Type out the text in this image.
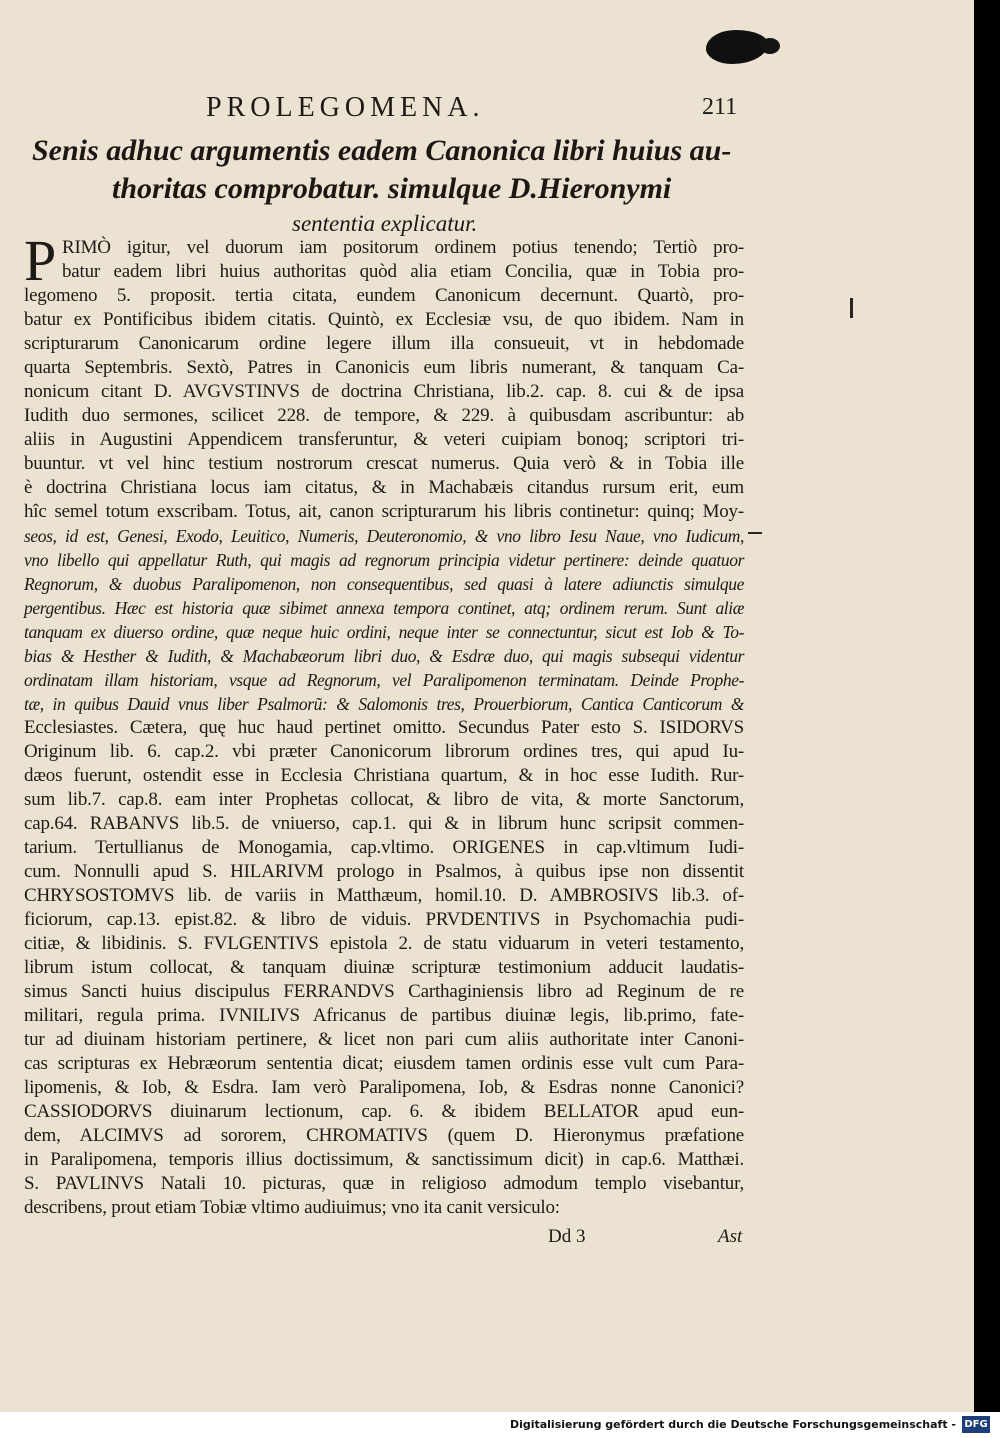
PROLEGOMENA.	211
Senis adhuc argumentis eadem Canonica libri huius au-
thoritas comprobatur. simulque D.Hieronymi
sententia explicatur.
P RIMÒ igitur, vel duorum iam positorum ordinem potius tenendo; Tertiò pro-
batur eadem libri huius authoritas quòd alia etiam Concilia, quæ in Tobia pro-
legomeno 5. proposit. tertia citata, eundem Canonicum decernunt. Quartò, pro-
batur ex Pontificibus ibidem citatis. Quintò, ex Ecclesiæ vsu, de quo ibidem. Nam in
scripturarum Canonicarum ordine legere illum illa consueuit, vt in hebdomade
quarta Septembris. Sextò, Patres in Canonicis eum libris numerant, & tanquam Ca-
nonicum citant D. AVGVSTINVS de doctrina Christiana, lib.2. cap. 8. cui & de ipsa
Iudith duo sermones, scilicet 228. de tempore, & 229. à quibusdam ascribuntur: ab
aliis in Augustini Appendicem transferuntur, & veteri cuipiam bonoq; scriptori tri-
buuntur. vt vel hinc testium nostrorum crescat numerus. Quia verò & in Tobia ille
è doctrina Christiana locus iam citatus, & in Machabæis citandus rursum erit, eum
hîc semel totum exscribam. Totus, ait, canon scripturarum his libris continetur: quinq; Moy-
seos, id est, Genesi, Exodo, Leuitico, Numeris, Deuteronomio, & vno libro Iesu Naue, vno Iudicum,
vno libello qui appellatur Ruth, qui magis ad regnorum principia videtur pertinere: deinde quatuor
Regnorum, & duobus Paralipomenon, non consequentibus, sed quasi à latere adiunctis simulque
pergentibus. Hæc est historia quæ sibimet annexa tempora continet, atq; ordinem rerum. Sunt aliæ
tanquam ex diuerso ordine, quæ neque huic ordini, neque inter se connectuntur, sicut est Iob & To-
bias & Hesther & Iudith, & Machabæorum libri duo, & Esdræ duo, qui magis subsequi videntur
ordinatam illam historiam, vsque ad Regnorum, vel Paralipomenon terminatam. Deinde Prophe-
tæ, in quibus Dauid vnus liber Psalmorũ: & Salomonis tres, Prouerbiorum, Cantica Canticorum &
Ecclesiastes. Cætera, quę huc haud pertinet omitto. Secundus Pater esto S. ISIDORVS
Originum lib. 6. cap.2. vbi præter Canonicorum librorum ordines tres, qui apud Iu-
dæos fuerunt, ostendit esse in Ecclesia Christiana quartum, & in hoc esse Iudith. Rur-
sum lib.7. cap.8. eam inter Prophetas collocat, & libro de vita, & morte Sanctorum,
cap.64. RABANVS lib.5. de vniuerso, cap.1. qui & in librum hunc scripsit commen-
tarium. Tertullianus de Monogamia, cap.vltimo. ORIGENES in cap.vltimum Iudi-
cum. Nonnulli apud S. HILARIVM prologo in Psalmos, à quibus ipse non dissentit
CHRYSOSTOMVS lib. de variis in Matthæum, homil.10. D. AMBROSIVS lib.3. of-
ficiorum, cap.13. epist.82. & libro de viduis. PRVDENTIVS in Psychomachia pudi-
citiæ, & libidinis. S. FVLGENTIVS epistola 2. de statu viduarum in veteri testamento,
librum istum collocat, & tanquam diuinæ scripturæ testimonium adducit laudatis-
simus Sancti huius discipulus FERRANDVS Carthaginiensis libro ad Reginum de re
militari, regula prima. IVNILIVS Africanus de partibus diuinæ legis, lib.primo, fate-
tur ad diuinam historiam pertinere, & licet non pari cum aliis authoritate inter Canoni-
cas scripturas ex Hebræorum sententia dicat; eiusdem tamen ordinis esse vult cum Para-
lipomenis, & Iob, & Esdra. Iam verò Paralipomena, Iob, & Esdras nonne Canonici?
CASSIODORVS diuinarum lectionum, cap. 6. & ibidem BELLATOR apud eun-
dem, ALCIMVS ad sororem, CHROMATIVS (quem D. Hieronymus præfatione
in Paralipomena, temporis illius doctissimum, & sanctissimum dicit) in cap.6. Matthæi.
S. PAVLINVS Natali 10. picturas, quæ in religioso admodum templo visebantur,
describens, prout etiam Tobiæ vltimo audiuimus; vno ita canit versiculo:
Dd 3	Ast
Digitalisierung gefördert durch die Deutsche Forschungsgemeinschaft - DFG
